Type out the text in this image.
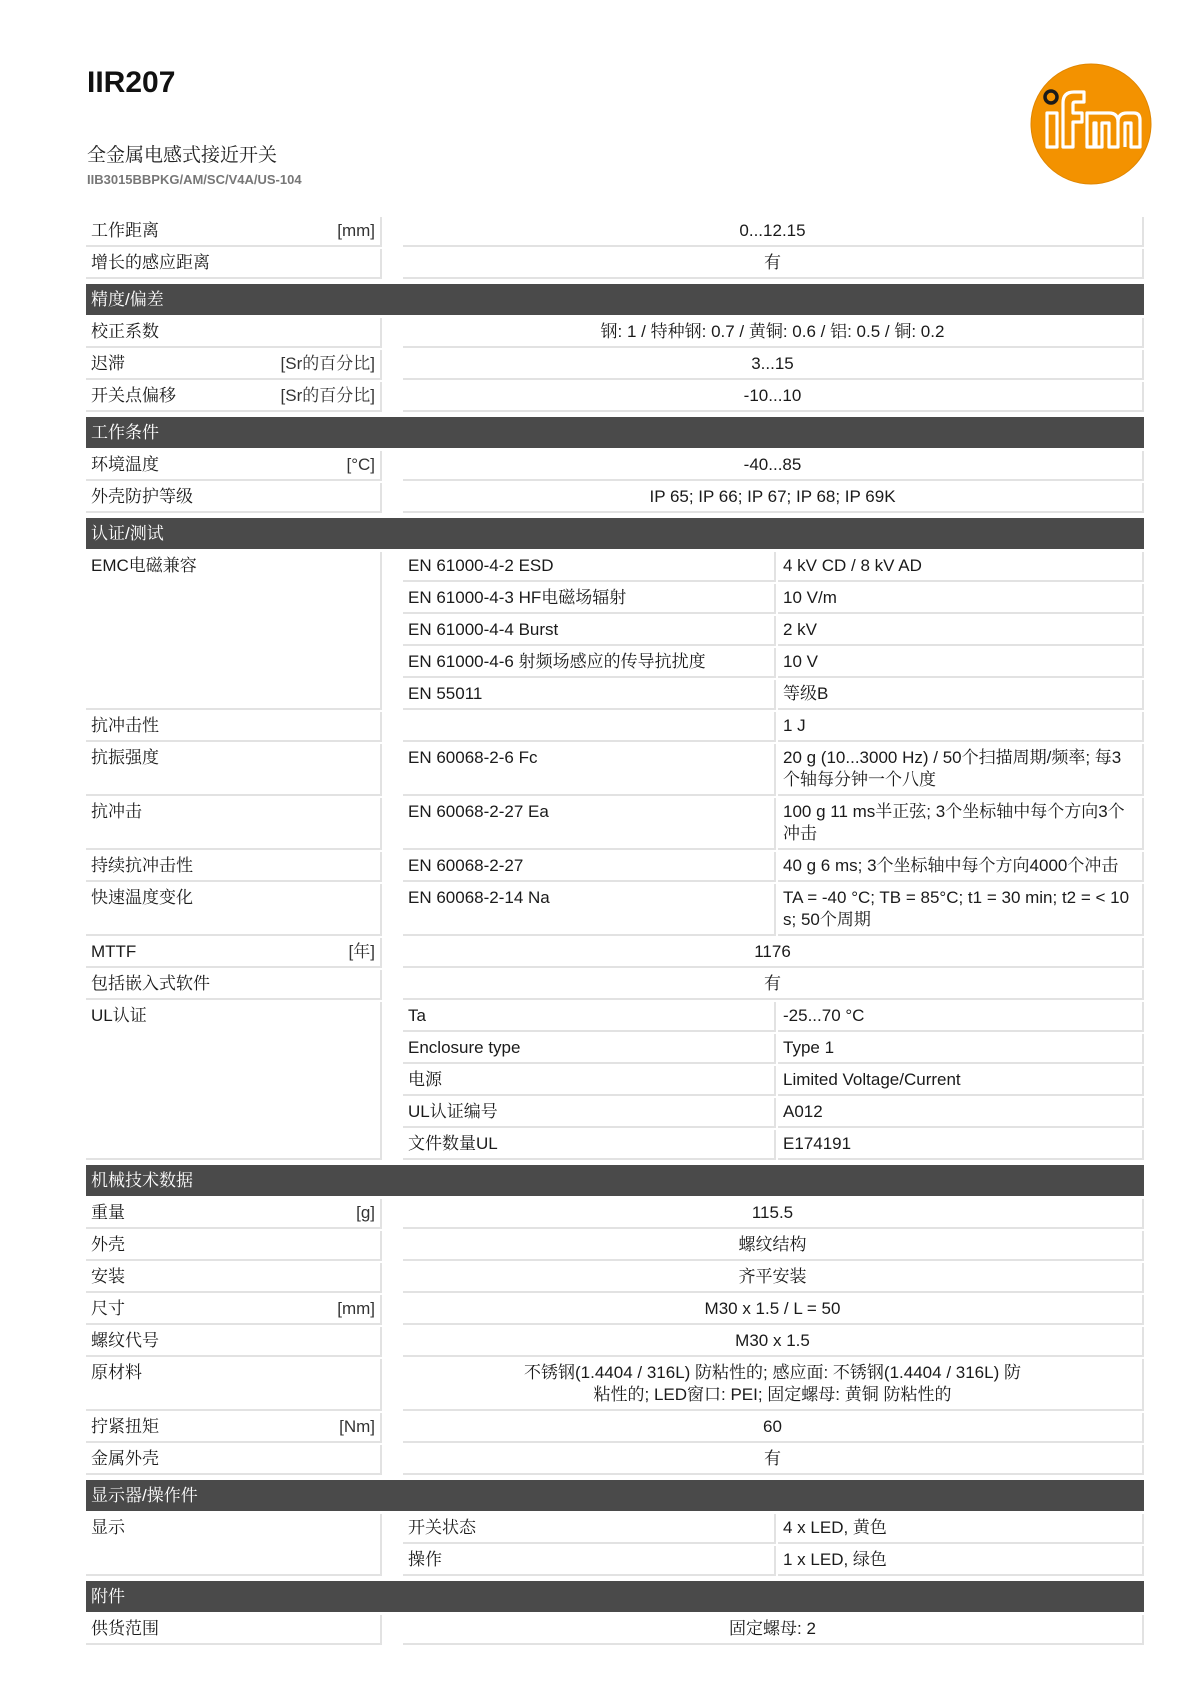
IIR207
全金属电感式接近开关
IIB3015BBPKG/AM/SC/V4A/US-104
工作距离	[mm]	0...12.15
增长的感应距离	有
精度/偏差
校正系数	钢: 1 / 特种钢: 0.7 / 黄铜: 0.6 / 铝: 0.5 / 铜: 0.2
迟滞	[Sr的百分比]	3...15
开关点偏移	[Sr的百分比]	-10...10
工作条件
环境温度	[°C]	-40...85
外壳防护等级	IP 65; IP 66; IP 67; IP 68; IP 69K
认证/测试
EMC电磁兼容	EN 61000-4-2 ESD	4 kV CD / 8 kV AD
EN 61000-4-3 HF电磁场辐射	10 V/m
EN 61000-4-4 Burst	2 kV
EN 61000-4-6 射频场感应的传导抗扰度	10 V
EN 55011	等级B
抗冲击性	1 J
抗振强度	EN 60068-2-6 Fc	20 g (10...3000 Hz) / 50个扫描周期/频率; 每3个轴每分钟一个八度
抗冲击	EN 60068-2-27 Ea	100 g 11 ms半正弦; 3个坐标轴中每个方向3个冲击
持续抗冲击性	EN 60068-2-27	40 g 6 ms; 3个坐标轴中每个方向4000个冲击
快速温度变化	EN 60068-2-14 Na	TA = -40 °C; TB = 85°C; t1 = 30 min; t2 = < 10 s; 50个周期
MTTF	[年]	1176
包括嵌入式软件	有
UL认证	Ta	-25...70 °C
Enclosure type	Type 1
电源	Limited Voltage/Current
UL认证编号	A012
文件数量UL	E174191
机械技术数据
重量	[g]	115.5
外壳	螺纹结构
安装	齐平安装
尺寸	[mm]	M30 x 1.5 / L = 50
螺纹代号	M30 x 1.5
原材料	不锈钢(1.4404 / 316L) 防粘性的; 感应面: 不锈钢(1.4404 / 316L) 防粘性的; LED窗口: PEI; 固定螺母: 黄铜 防粘性的
拧紧扭矩	[Nm]	60
金属外壳	有
显示器/操作件
显示	开关状态	4 x LED, 黄色
操作	1 x LED, 绿色
附件
供货范围	固定螺母: 2
